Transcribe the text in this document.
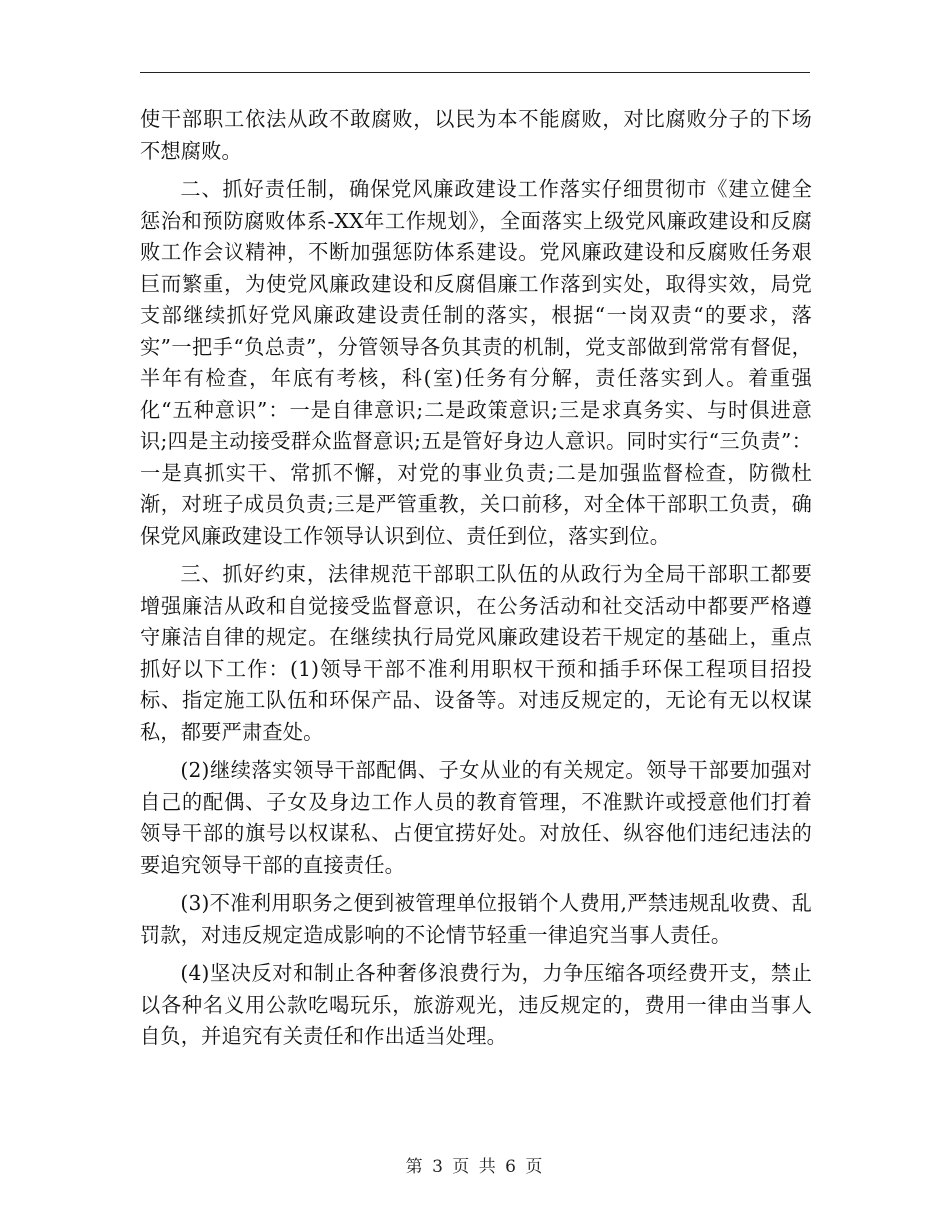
使干部职工依法从政不敢腐败，以民为本不能腐败，对比腐败分子的下场不想腐败。

二、抓好责任制，确保党风廉政建设工作落实仔细贯彻市《建立健全惩治和预防腐败体系-XX年工作规划》，全面落实上级党风廉政建设和反腐败工作会议精神，不断加强惩防体系建设。党风廉政建设和反腐败任务艰巨而繁重，为使党风廉政建设和反腐倡廉工作落到实处，取得实效，局党支部继续抓好党风廉政建设责任制的落实，根据“一岗双责“的要求，落实”一把手“负总责”，分管领导各负其责的机制，党支部做到常常有督促，半年有检查，年底有考核，科(室)任务有分解，责任落实到人。着重强化“五种意识”：一是自律意识;二是政策意识;三是求真务实、与时俱进意识;四是主动接受群众监督意识;五是管好身边人意识。同时实行“三负责”：一是真抓实干、常抓不懈，对党的事业负责;二是加强监督检查，防微杜渐，对班子成员负责;三是严管重教，关口前移，对全体干部职工负责，确保党风廉政建设工作领导认识到位、责任到位，落实到位。

三、抓好约束，法律规范干部职工队伍的从政行为全局干部职工都要增强廉洁从政和自觉接受监督意识，在公务活动和社交活动中都要严格遵守廉洁自律的规定。在继续执行局党风廉政建设若干规定的基础上，重点抓好以下工作：(1)领导干部不准利用职权干预和插手环保工程项目招投标、指定施工队伍和环保产品、设备等。对违反规定的，无论有无以权谋私，都要严肃查处。

(2)继续落实领导干部配偶、子女从业的有关规定。领导干部要加强对自己的配偶、子女及身边工作人员的教育管理，不准默许或授意他们打着领导干部的旗号以权谋私、占便宜捞好处。对放任、纵容他们违纪违法的要追究领导干部的直接责任。

(3)不准利用职务之便到被管理单位报销个人费用,严禁违规乱收费、乱罚款，对违反规定造成影响的不论情节轻重一律追究当事人责任。

(4)坚决反对和制止各种奢侈浪费行为，力争压缩各项经费开支，禁止以各种名义用公款吃喝玩乐，旅游观光，违反规定的，费用一律由当事人自负，并追究有关责任和作出适当处理。

第 3 页 共 6 页
